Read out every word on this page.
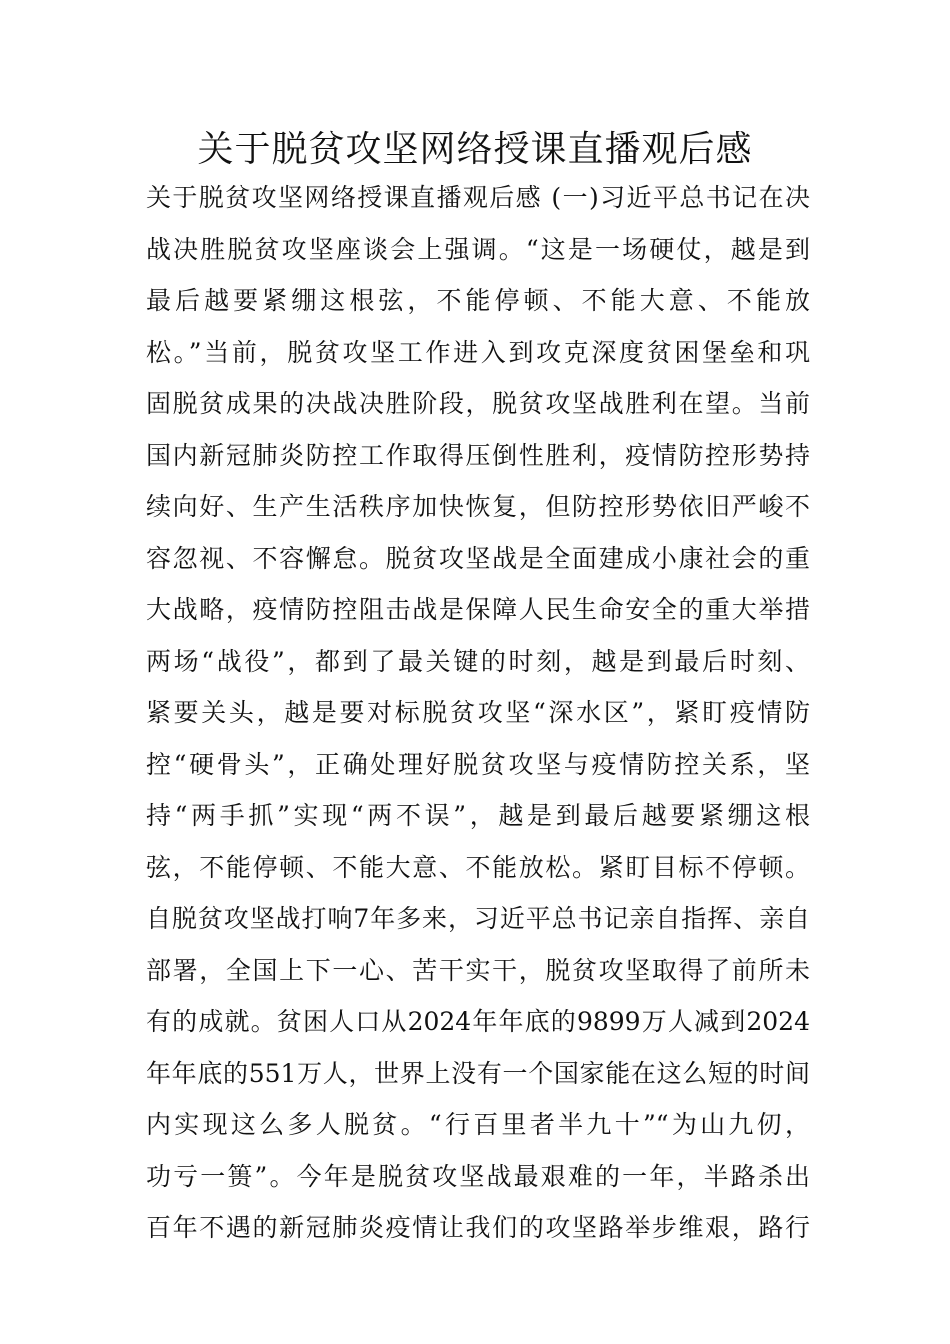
关于脱贫攻坚网络授课直播观后感
关于脱贫攻坚网络授课直播观后感 (一)习近平总书记在决
战决胜脱贫攻坚座谈会上强调。“这是一场硬仗，越是到
最后越要紧绷这根弦，不能停顿、不能大意、不能放
松。”当前，脱贫攻坚工作进入到攻克深度贫困堡垒和巩
固脱贫成果的决战决胜阶段，脱贫攻坚战胜利在望。当前
国内新冠肺炎防控工作取得压倒性胜利，疫情防控形势持
续向好、生产生活秩序加快恢复，但防控形势依旧严峻不
容忽视、不容懈怠。脱贫攻坚战是全面建成小康社会的重
大战略，疫情防控阻击战是保障人民生命安全的重大举措
两场“战役”，都到了最关键的时刻，越是到最后时刻、
紧要关头，越是要对标脱贫攻坚“深水区”，紧盯疫情防
控“硬骨头”，正确处理好脱贫攻坚与疫情防控关系，坚
持“两手抓”实现“两不误”，越是到最后越要紧绷这根
弦，不能停顿、不能大意、不能放松。紧盯目标不停顿。
自脱贫攻坚战打响7年多来，习近平总书记亲自指挥、亲自
部署，全国上下一心、苦干实干，脱贫攻坚取得了前所未
有的成就。贫困人口从2024年年底的9899万人减到2024
年年底的551万人，世界上没有一个国家能在这么短的时间
内实现这么多人脱贫。“行百里者半九十”“为山九仞，
功亏一篑”。今年是脱贫攻坚战最艰难的一年，半路杀出
百年不遇的新冠肺炎疫情让我们的攻坚路举步维艰，路行
